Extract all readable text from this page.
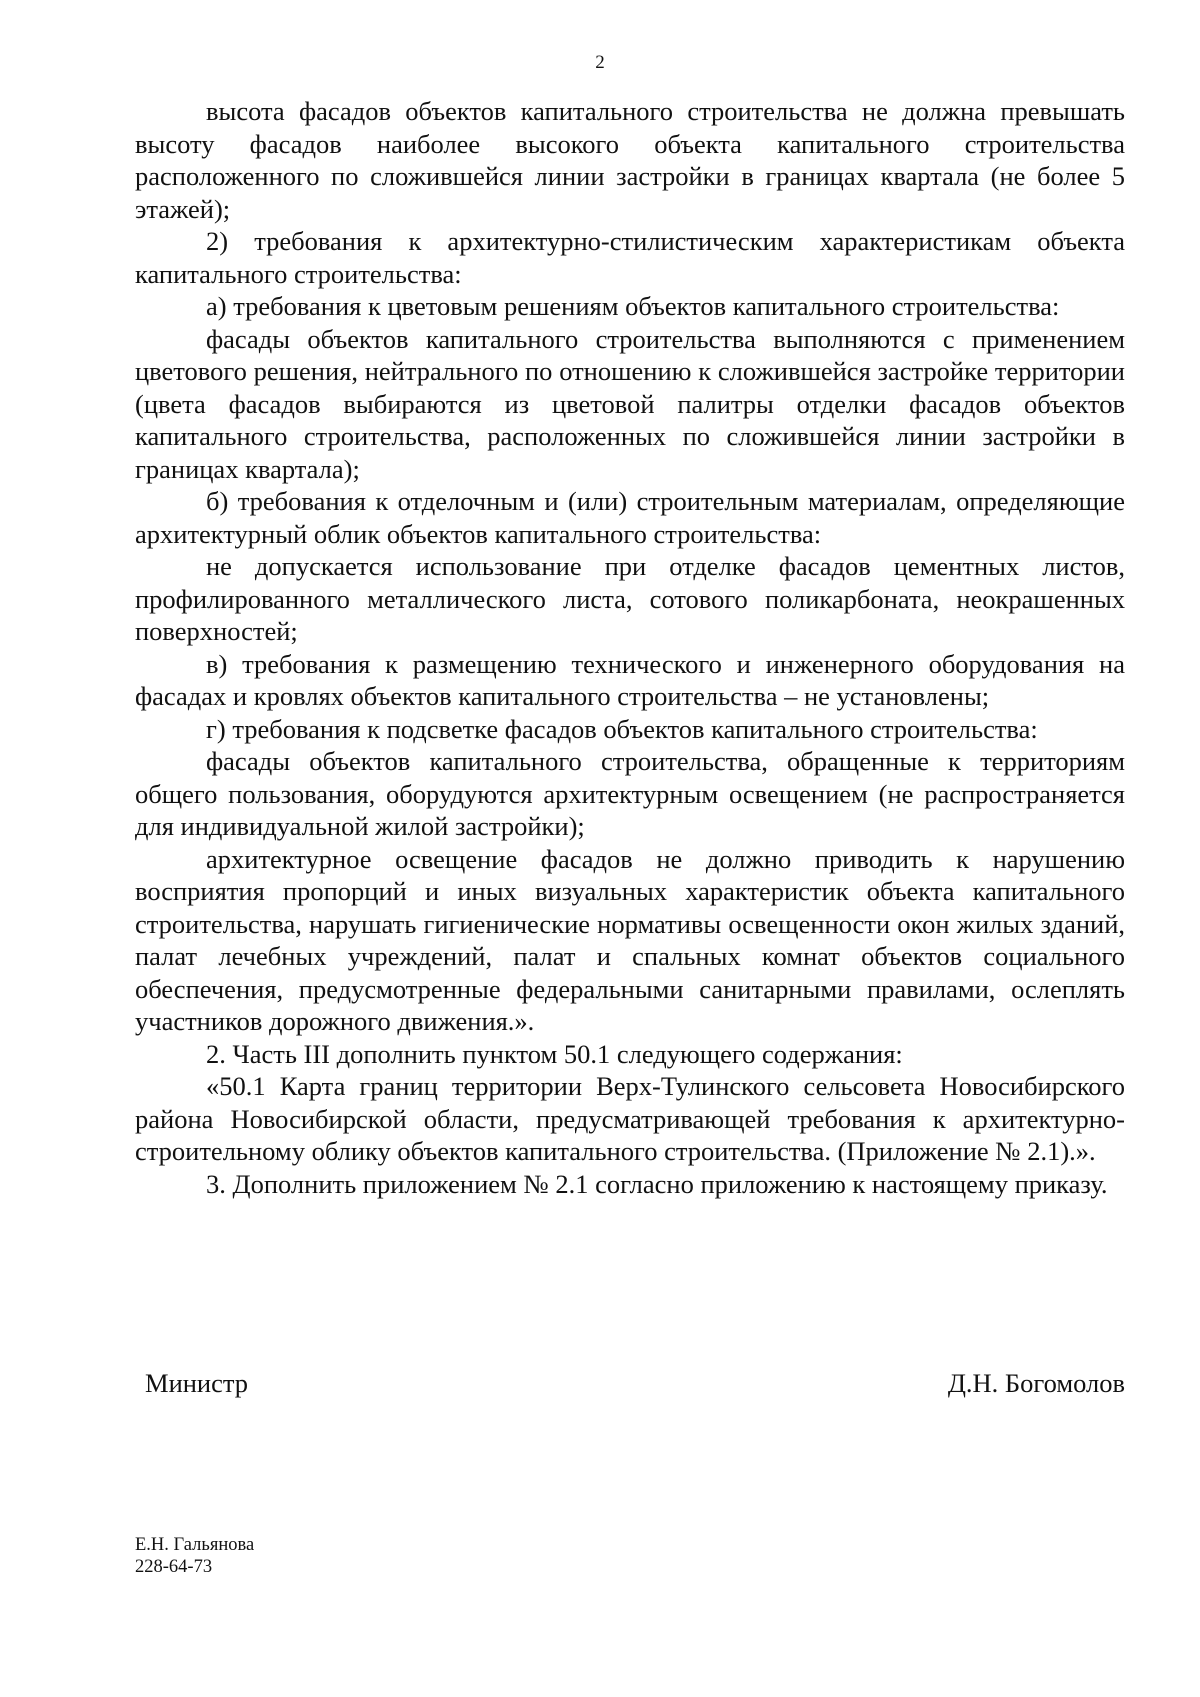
2

высота фасадов объектов капитального строительства не должна превышать высоту фасадов наиболее высокого объекта капитального строительства расположенного по сложившейся линии застройки в границах квартала (не более 5 этажей);

2) требования к архитектурно-стилистическим характеристикам объекта капитального строительства:

а) требования к цветовым решениям объектов капитального строительства:

фасады объектов капитального строительства выполняются с применением цветового решения, нейтрального по отношению к сложившейся застройке территории (цвета фасадов выбираются из цветовой палитры отделки фасадов объектов капитального строительства, расположенных по сложившейся линии застройки в границах квартала);

б) требования к отделочным и (или) строительным материалам, определяющие архитектурный облик объектов капитального строительства:

не допускается использование при отделке фасадов цементных листов, профилированного металлического листа, сотового поликарбоната, неокрашенных поверхностей;

в) требования к размещению технического и инженерного оборудования на фасадах и кровлях объектов капитального строительства – не установлены;

г) требования к подсветке фасадов объектов капитального строительства:

фасады объектов капитального строительства, обращенные к территориям общего пользования, оборудуются архитектурным освещением (не распространяется для индивидуальной жилой застройки);

архитектурное освещение фасадов не должно приводить к нарушению восприятия пропорций и иных визуальных характеристик объекта капитального строительства, нарушать гигиенические нормативы освещенности окон жилых зданий, палат лечебных учреждений, палат и спальных комнат объектов социального обеспечения, предусмотренные федеральными санитарными правилами, ослеплять участников дорожного движения.».

2. Часть III дополнить пунктом 50.1 следующего содержания:

«50.1 Карта границ территории Верх-Тулинского сельсовета Новосибирского района Новосибирской области, предусматривающей требования к архитектурно-строительному облику объектов капитального строительства. (Приложение № 2.1).».

3. Дополнить приложением № 2.1 согласно приложению к настоящему приказу.

Министр	Д.Н. Богомолов
Е.Н. Гальянова
228-64-73
